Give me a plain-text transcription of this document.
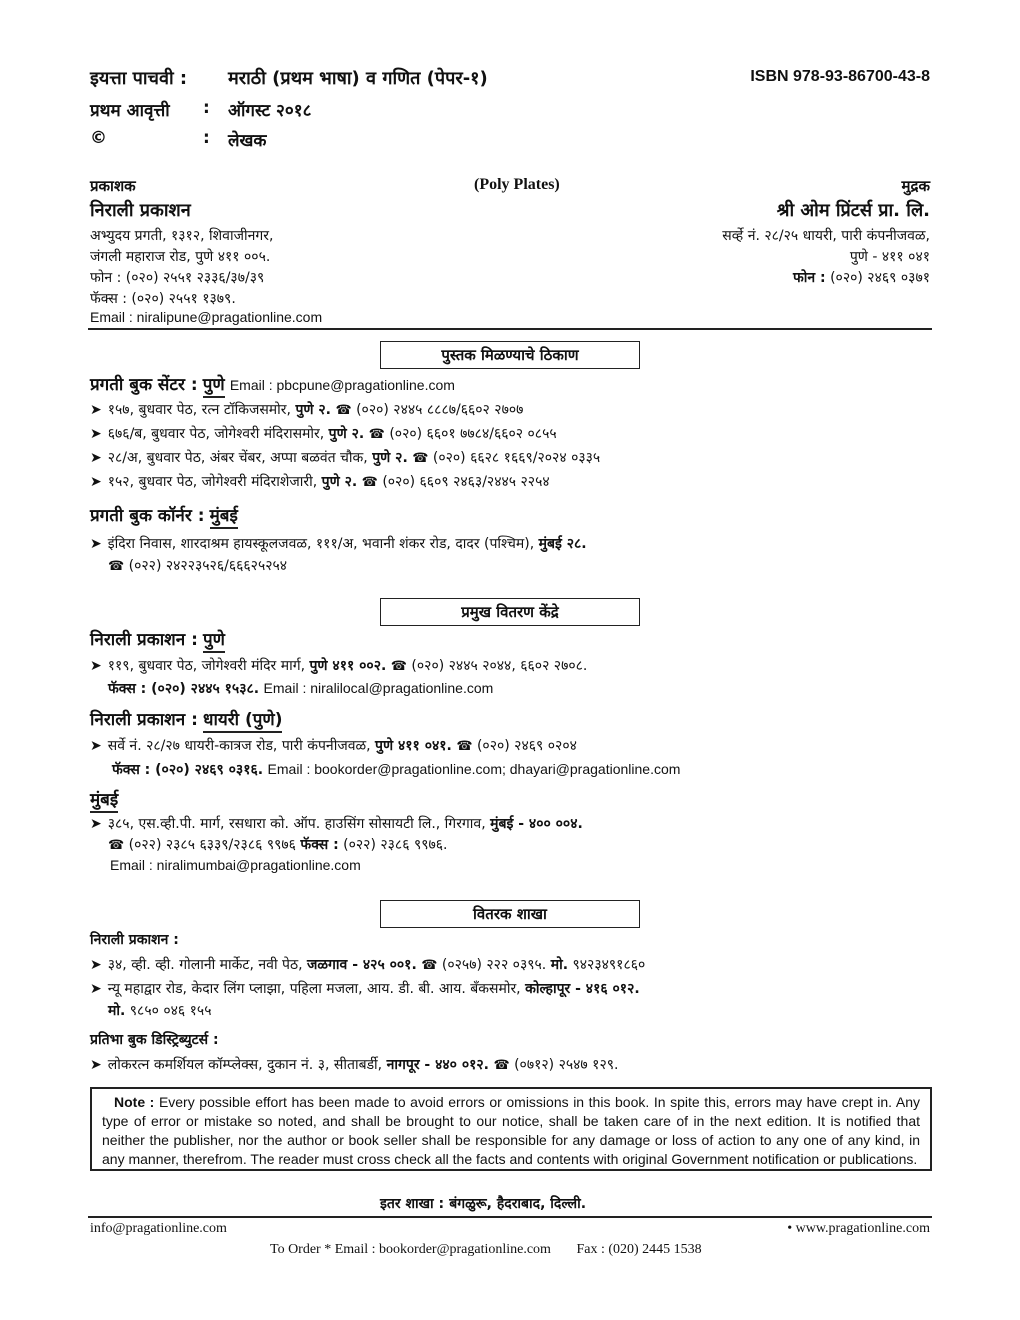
इयत्ता पाचवी : मराठी (प्रथम भाषा) व गणित (पेपर-१)	ISBN 978-93-86700-43-8
प्रथम आवृत्ती : ऑगस्ट २०१८
©	: लेखक
प्रकाशक
निराली प्रकाशन
अभ्युदय प्रगती, १३१२, शिवाजीनगर,
जंगली महाराज रोड, पुणे ४११ ००५.
फोन : (०२०) २५५१ २३३६/३७/३९
फॅक्स : (०२०) २५५१ १३७९.
Email : niralipune@pragationline.com
(Poly Plates)	मुद्रक
श्री ओम प्रिंटर्स प्रा. लि.
सर्व्हे नं. २८/२५ धायरी, पारी कंपनीजवळ,
पुणे - ४११ ०४१
फोन : (०२०) २४६९ ०३७१
पुस्तक मिळण्याचे ठिकाण
प्रगती बुक सेंटर : पुणे Email : pbcpune@pragationline.com
➤ १५७, बुधवार पेठ, रत्न टॉकिजसमोर, पुणे २. ☎ (०२०) २४४५ ८८८७/६६०२ २७०७
➤ ६७६/ब, बुधवार पेठ, जोगेश्वरी मंदिरासमोर, पुणे २. ☎ (०२०) ६६०१ ७७८४/६६०२ ०८५५
➤ २८/अ, बुधवार पेठ, अंबर चेंबर, अप्पा बळवंत चौक, पुणे २. ☎ (०२०) ६६२८ १६६९/२०२४ ०३३५
➤ १५२, बुधवार पेठ, जोगेश्वरी मंदिराशेजारी, पुणे २. ☎ (०२०) ६६०९ २४६३/२४४५ २२५४
प्रगती बुक कॉर्नर : मुंबई
➤ इंदिरा निवास, शारदाश्रम हायस्कूलजवळ, १११/अ, भवानी शंकर रोड, दादर (पश्चिम), मुंबई २८.
☎ (०२२) २४२२३५२६/६६६२५२५४
प्रमुख वितरण केंद्रे
निराली प्रकाशन : पुणे
➤ ११९, बुधवार पेठ, जोगेश्वरी मंदिर मार्ग, पुणे ४११ ००२. ☎ (०२०) २४४५ २०४४, ६६०२ २७०८.
फॅक्स : (०२०) २४४५ १५३८. Email : niralilocal@pragationline.com
निराली प्रकाशन : धायरी (पुणे)
➤ सर्वे नं. २८/२७ धायरी-कात्रज रोड, पारी कंपनीजवळ, पुणे ४११ ०४१. ☎ (०२०) २४६९ ०२०४
फॅक्स : (०२०) २४६९ ०३१६. Email : bookorder@pragationline.com; dhayari@pragationline.com
मुंबई
➤ ३८५, एस.व्ही.पी. मार्ग, रसधारा को. ऑप. हाउसिंग सोसायटी लि., गिरगाव, मुंबई - ४०० ००४.
☎ (०२२) २३८५ ६३३९/२३८६ ९९७६ फॅक्स : (०२२) २३८६ ९९७६.
Email : niralimumbai@pragationline.com
वितरक शाखा
निराली प्रकाशन :
➤ ३४, व्ही. व्ही. गोलानी मार्केट, नवी पेठ, जळगाव - ४२५ ००१. ☎ (०२५७) २२२ ०३९५. मो. ९४२३४९१८६०
➤ न्यू महाद्वार रोड, केदार लिंग प्लाझा, पहिला मजला, आय. डी. बी. आय. बँकसमोर, कोल्हापूर - ४१६ ०१२.
मो. ९८५० ०४६ १५५
प्रतिभा बुक डिस्ट्रिब्युटर्स :
➤ लोकरत्न कमर्शियल कॉम्प्लेक्स, दुकान नं. ३, सीताबर्डी, नागपूर - ४४० ०१२. ☎ (०७१२) २५४७ १२९.
Note : Every possible effort has been made to avoid errors or omissions in this book. In spite this, errors may have crept in. Any type of error or mistake so noted, and shall be brought to our notice, shall be taken care of in the next edition. It is notified that neither the publisher, nor the author or book seller shall be responsible for any damage or loss of action to any one of any kind, in any manner, therefrom. The reader must cross check all the facts and contents with original Government notification or publications.
इतर शाखा : बंगळुरू, हैदराबाद, दिल्ली.
info@pragationline.com	• www.pragationline.com
To Order * Email : bookorder@pragationline.com Fax : (020) 2445 1538
